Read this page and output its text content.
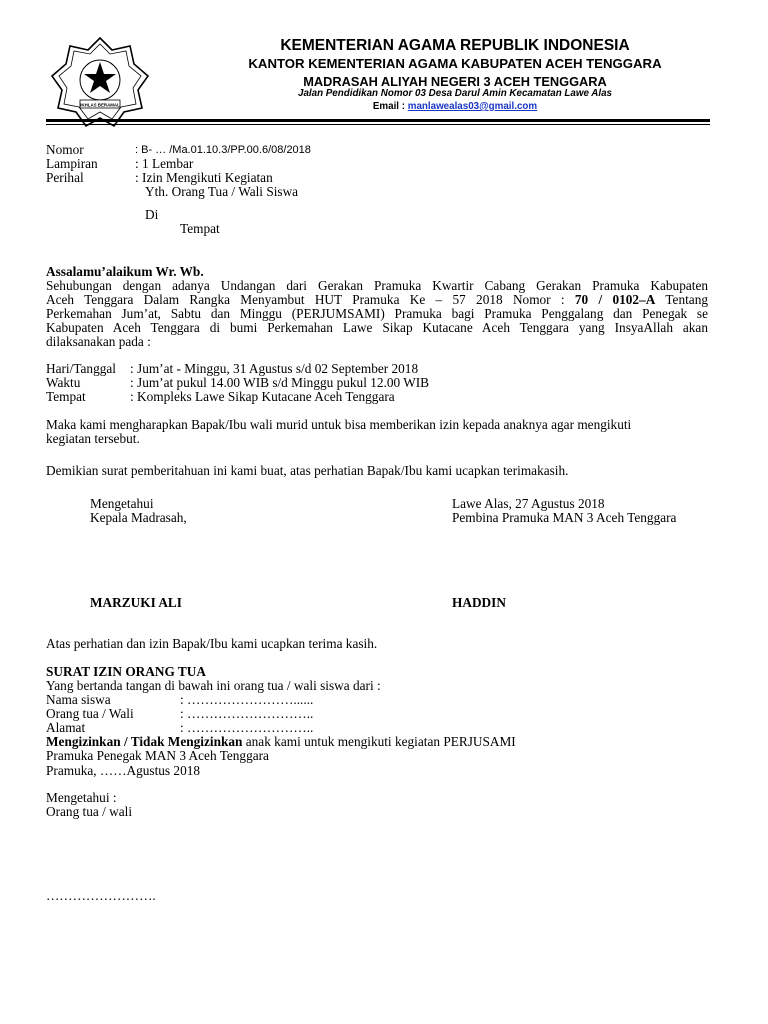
IKHLAS BERAMAL
KEMENTERIAN AGAMA REPUBLIK INDONESIA
KANTOR KEMENTERIAN AGAMA KABUPATEN ACEH TENGGARA
MADRASAH ALIYAH NEGERI 3 ACEH TENGGARA
Jalan Pendidikan Nomor 03 Desa Darul Amin Kecamatan Lawe Alas
Email : manlawealas03@gmail.com
Nomor	: B- … /Ma.01.10.3/PP.00.6/08/2018
Lampiran	: 1 Lembar
Perihal	: Izin Mengikuti Kegiatan
Yth. Orang Tua / Wali Siswa
Di
Tempat
Assalamu’alaikum Wr. Wb.
Sehubungan dengan adanya Undangan dari Gerakan Pramuka Kwartir Cabang Gerakan Pramuka Kabupaten
Aceh Tenggara Dalam Rangka Menyambut HUT Pramuka Ke – 57 2018 Nomor : 70 / 0102–A Tentang
Perkemahan Jum’at, Sabtu dan Minggu (PERJUMSAMI) Pramuka bagi Pramuka Penggalang dan Penegak se
Kabupaten Aceh Tenggara di bumi Perkemahan Lawe Sikap Kutacane Aceh Tenggara yang InsyaAllah akan
dilaksanakan pada :
Hari/Tanggal : Jum’at - Minggu, 31 Agustus s/d 02 September 2018
Waktu	: Jum’at pukul 14.00 WIB s/d Minggu pukul 12.00 WIB
Tempat	: Kompleks Lawe Sikap Kutacane Aceh Tenggara
Maka kami mengharapkan Bapak/Ibu wali murid untuk bisa memberikan izin kepada anaknya agar mengikuti
kegiatan tersebut.
Demikian surat pemberitahuan ini kami buat, atas perhatian Bapak/Ibu kami ucapkan terimakasih.
Mengetahui
Kepala Madrasah,
Lawe Alas, 27 Agustus 2018
Pembina Pramuka MAN 3 Aceh Tenggara
MARZUKI ALI	HADDIN
Atas perhatian dan izin Bapak/Ibu kami ucapkan terima kasih.
SURAT IZIN ORANG TUA
Yang bertanda tangan di bawah ini orang tua / wali siswa dari :
Nama siswa	: ……………………......
Orang tua / Wali	: ………………………..
Alamat	: ………………………..
Mengizinkan / Tidak Mengizinkan anak kami untuk mengikuti kegiatan PERJUSAMI
Pramuka Penegak MAN 3 Aceh Tenggara
Pramuka, ……Agustus 2018
Mengetahui :
Orang tua / wali
…………………….
